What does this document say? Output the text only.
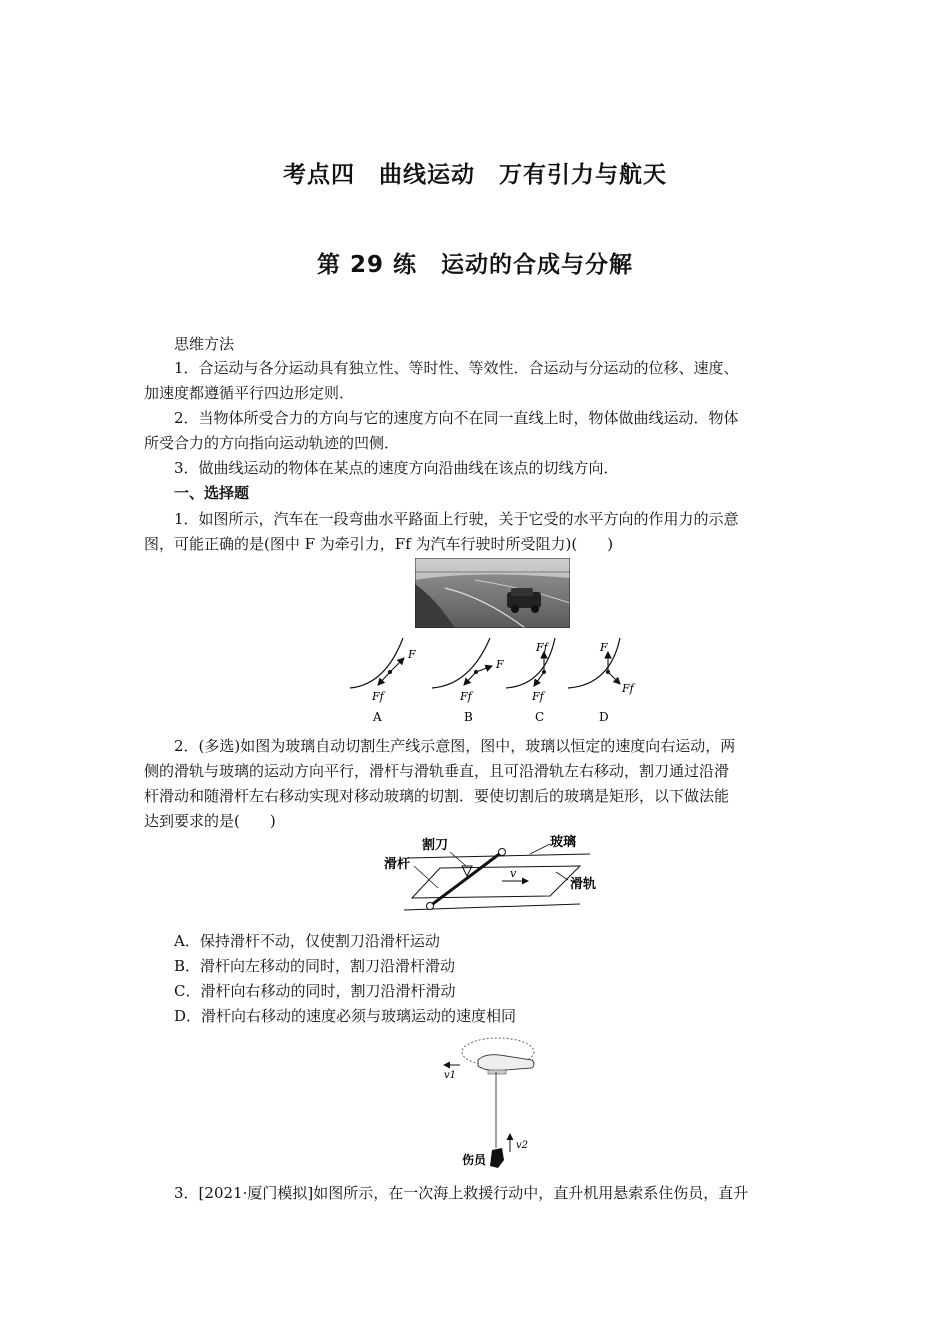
考点四　曲线运动　万有引力与航天
第 29 练　运动的合成与分解
思维方法
1．合运动与各分运动具有独立性、等时性、等效性．合运动与分运动的位移、速度、
加速度都遵循平行四边形定则．
2．当物体所受合力的方向与它的速度方向不在同一直线上时，物体做曲线运动．物体
所受合力的方向指向运动轨迹的凹侧．
3．做曲线运动的物体在某点的速度方向沿曲线在该点的切线方向．
一、选择题
1．如图所示，汽车在一段弯曲水平路面上行驶，关于它受的水平方向的作用力的示意
图，可能正确的是(图中 F 为牵引力，Ff 为汽车行驶时所受阻力)(　　)
F
Ff
A
F
Ff
B
Ff
Ff
C
F
Ff
D
2．(多选)如图为玻璃自动切割生产线示意图，图中，玻璃以恒定的速度向右运动，两
侧的滑轨与玻璃的运动方向平行，滑杆与滑轨垂直，且可沿滑轨左右移动，割刀通过沿滑
杆滑动和随滑杆左右移动实现对移动玻璃的切割．要使切割后的玻璃是矩形，以下做法能
达到要求的是(　　)
v
割刀	玻璃
滑杆
滑轨
A．保持滑杆不动，仅使割刀沿滑杆运动
B．滑杆向左移动的同时，割刀沿滑杆滑动
C．滑杆向右移动的同时，割刀沿滑杆滑动
D．滑杆向右移动的速度必须与玻璃运动的速度相同
v1
v2
伤员
3．[2021·厦门模拟]如图所示，在一次海上救援行动中，直升机用悬索系住伤员，直升
